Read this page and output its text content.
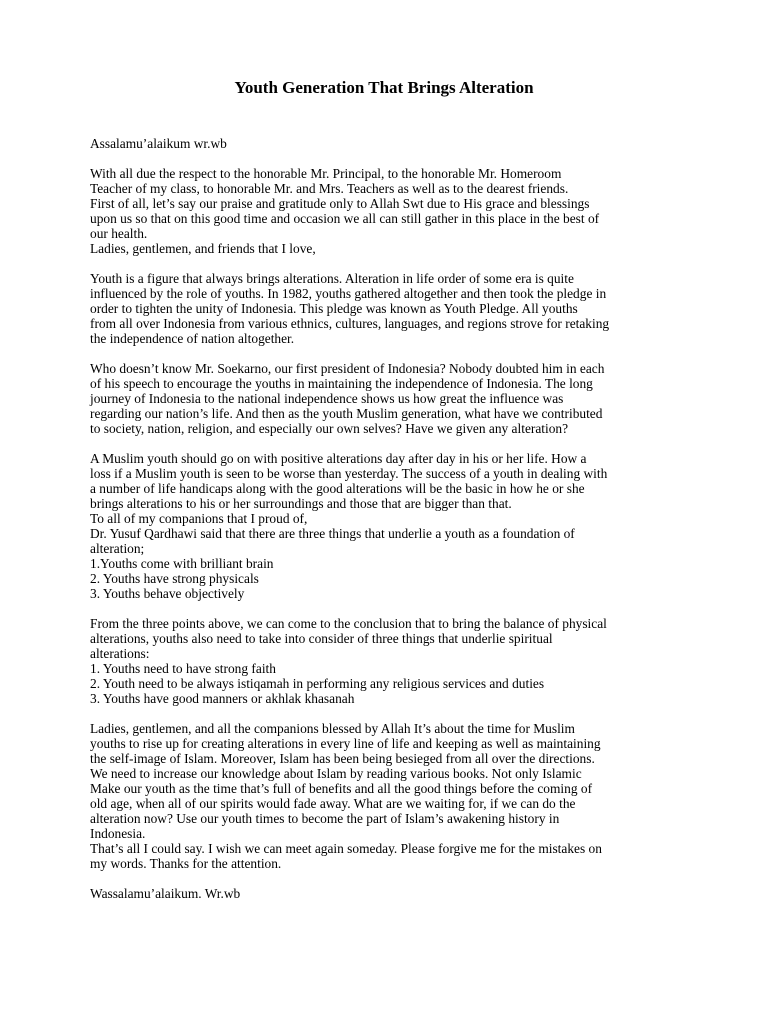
Youth Generation That Brings Alteration
Assalamu’alaikum wr.wb
With all due the respect to the honorable Mr. Principal, to the honorable Mr. Homeroom
Teacher of my class, to honorable Mr. and Mrs. Teachers as well as to the dearest friends.
First of all, let’s say our praise and gratitude only to Allah Swt due to His grace and blessings
upon us so that on this good time and occasion we all can still gather in this place in the best of
our health.
Ladies, gentlemen, and friends that I love,
Youth is a figure that always brings alterations. Alteration in life order of some era is quite
influenced by the role of youths. In 1982, youths gathered altogether and then took the pledge in
order to tighten the unity of Indonesia. This pledge was known as Youth Pledge. All youths
from all over Indonesia from various ethnics, cultures, languages, and regions strove for retaking
the independence of nation altogether.
Who doesn’t know Mr. Soekarno, our first president of Indonesia? Nobody doubted him in each
of his speech to encourage the youths in maintaining the independence of Indonesia. The long
journey of Indonesia to the national independence shows us how great the influence was
regarding our nation’s life. And then as the youth Muslim generation, what have we contributed
to society, nation, religion, and especially our own selves? Have we given any alteration?
A Muslim youth should go on with positive alterations day after day in his or her life. How a
loss if a Muslim youth is seen to be worse than yesterday. The success of a youth in dealing with
a number of life handicaps along with the good alterations will be the basic in how he or she
brings alterations to his or her surroundings and those that are bigger than that.
To all of my companions that I proud of,
Dr. Yusuf Qardhawi said that there are three things that underlie a youth as a foundation of
alteration;
1.Youths come with brilliant brain
2. Youths have strong physicals
3. Youths behave objectively
From the three points above, we can come to the conclusion that to bring the balance of physical
alterations, youths also need to take into consider of three things that underlie spiritual
alterations:
1. Youths need to have strong faith
2. Youth need to be always istiqamah in performing any religious services and duties
3. Youths have good manners or akhlak khasanah
Ladies, gentlemen, and all the companions blessed by Allah It’s about the time for Muslim
youths to rise up for creating alterations in every line of life and keeping as well as maintaining
the self-image of Islam. Moreover, Islam has been being besieged from all over the directions.
We need to increase our knowledge about Islam by reading various books. Not only Islamic
Make our youth as the time that’s full of benefits and all the good things before the coming of
old age, when all of our spirits would fade away. What are we waiting for, if we can do the
alteration now? Use our youth times to become the part of Islam’s awakening history in
Indonesia.
That’s all I could say. I wish we can meet again someday. Please forgive me for the mistakes on
my words. Thanks for the attention.
Wassalamu’alaikum. Wr.wb
